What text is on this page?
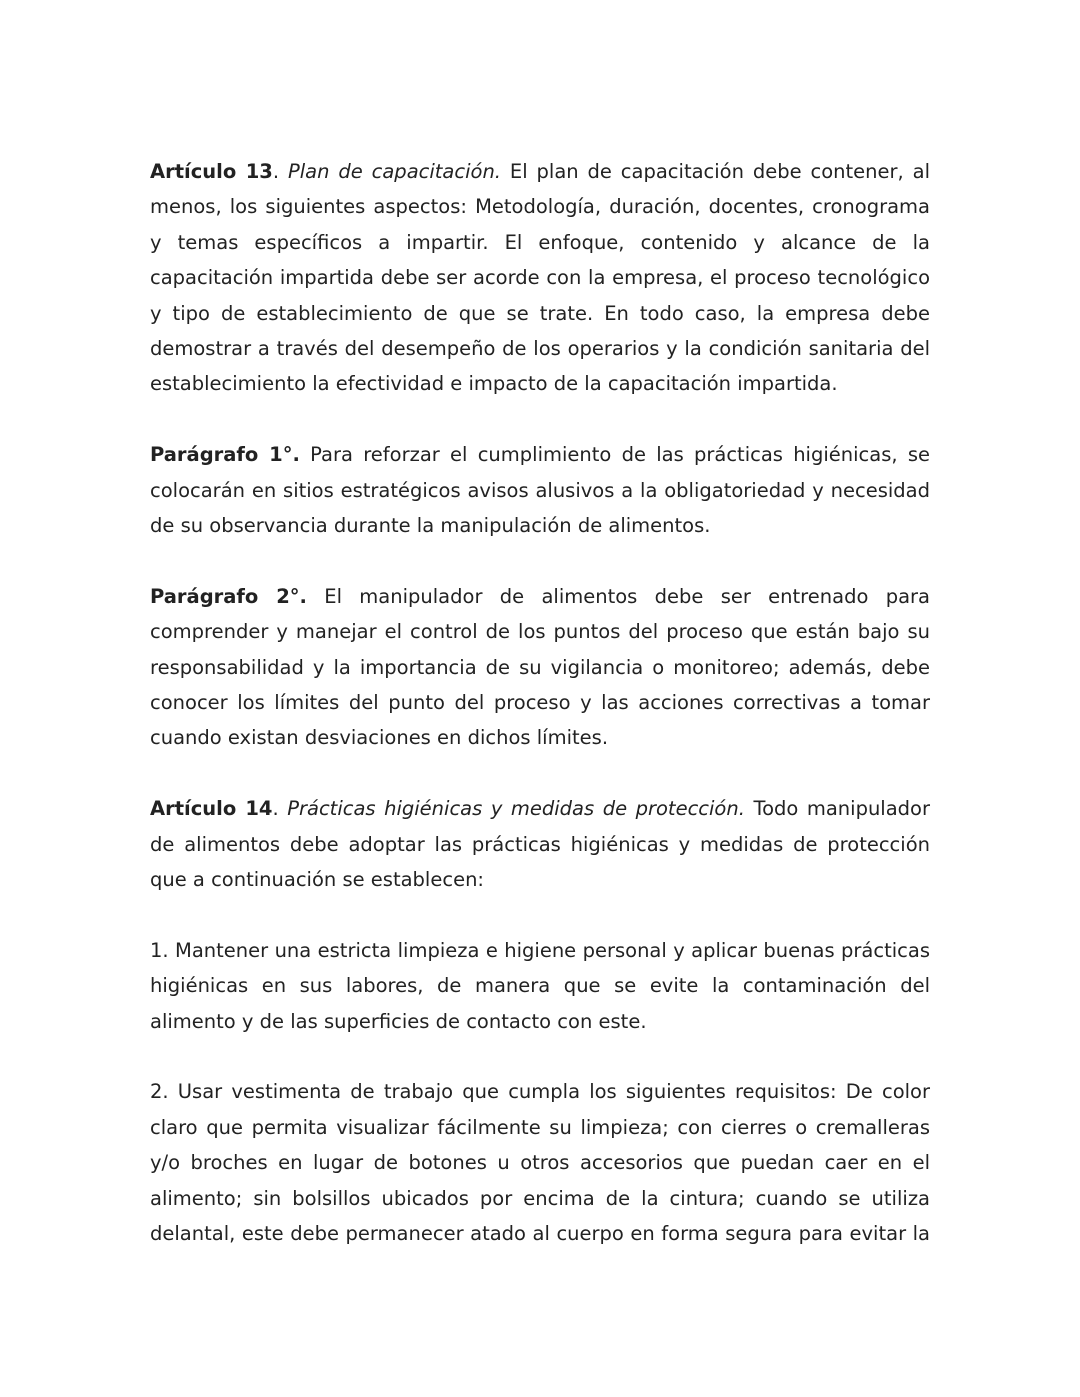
Artículo 13. Plan de capacitación. El plan de capacitación debe contener, al menos, los siguientes aspectos: Metodología, duración, docentes, cronograma y temas específicos a impartir. El enfoque, contenido y alcance de la capacitación impartida debe ser acorde con la empresa, el proceso tecnológico y tipo de establecimiento de que se trate. En todo caso, la empresa debe demostrar a través del desempeño de los operarios y la condición sanitaria del establecimiento la efectividad e impacto de la capacitación impartida.

Parágrafo 1°. Para reforzar el cumplimiento de las prácticas higiénicas, se colocarán en sitios estratégicos avisos alusivos a la obligatoriedad y necesidad de su observancia durante la manipulación de alimentos.

Parágrafo 2°. El manipulador de alimentos debe ser entrenado para comprender y manejar el control de los puntos del proceso que están bajo su responsabilidad y la importancia de su vigilancia o monitoreo; además, debe conocer los límites del punto del proceso y las acciones correctivas a tomar cuando existan desviaciones en dichos límites.

Artículo 14. Prácticas higiénicas y medidas de protección. Todo manipulador de alimentos debe adoptar las prácticas higiénicas y medidas de protección que a continuación se establecen:

1. Mantener una estricta limpieza e higiene personal y aplicar buenas prácticas higiénicas en sus labores, de manera que se evite la contaminación del alimento y de las superficies de contacto con este.

2. Usar vestimenta de trabajo que cumpla los siguientes requisitos: De color claro que permita visualizar fácilmente su limpieza; con cierres o cremalleras y/o broches en lugar de botones u otros accesorios que puedan caer en el alimento; sin bolsillos ubicados por encima de la cintura; cuando se utiliza delantal, este debe permanecer atado al cuerpo en forma segura para evitar la
